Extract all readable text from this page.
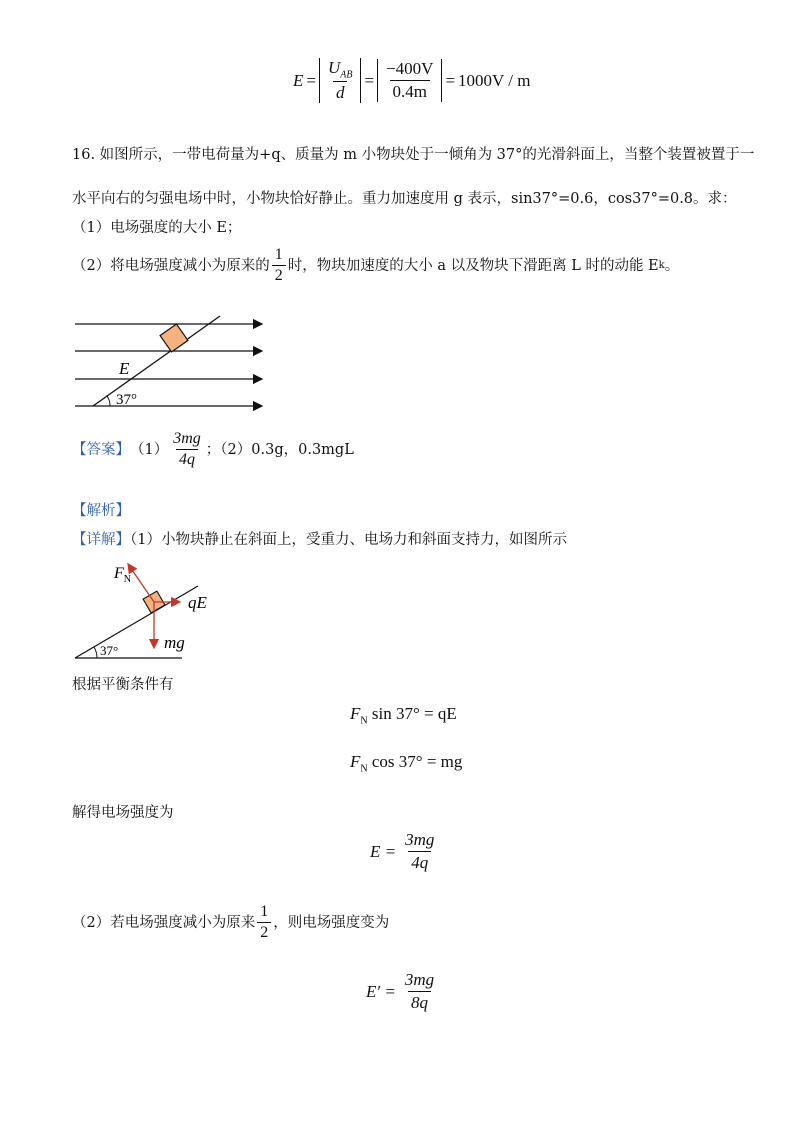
$E = \frac{U_{AB}}{d} = \frac{-400V}{0.4m} = 1000V / m$
16. 如图所示，一带电荷量为+q、质量为 m 小物块处于一倾角为 37°的光滑斜面上，当整个装置被置于一
水平向右的匀强电场中时，小物块恰好静止。重力加速度用 g 表示，sin37°=0.6，cos37°=0.8。求：
（1）电场强度的大小 E；
（2）将电场强度减小为原来的 $\frac{1}{2}$ 时，物块加速度的大小 a 以及物块下滑距离 L 时的动能 E k 。
E
37°
【答案】 $(1) \frac{3mg}{4q}$ ；（2）0.3g，0.3mgL
【解析】
【详解】（1）小物块静止在斜面上，受重力、电场力和斜面支持力，如图所示
$F_N$
qE
mg
37°
根据平衡条件有
$F_N$ sin 37° = qE
$F_N$ cos 37° = mg
解得电场强度为
$E = \frac{3mg}{4q}$
（2）若电场强度减小为原来 $\frac{1}{2}$ ，则电场强度变为
$E' = \frac{3mg}{8q}$
